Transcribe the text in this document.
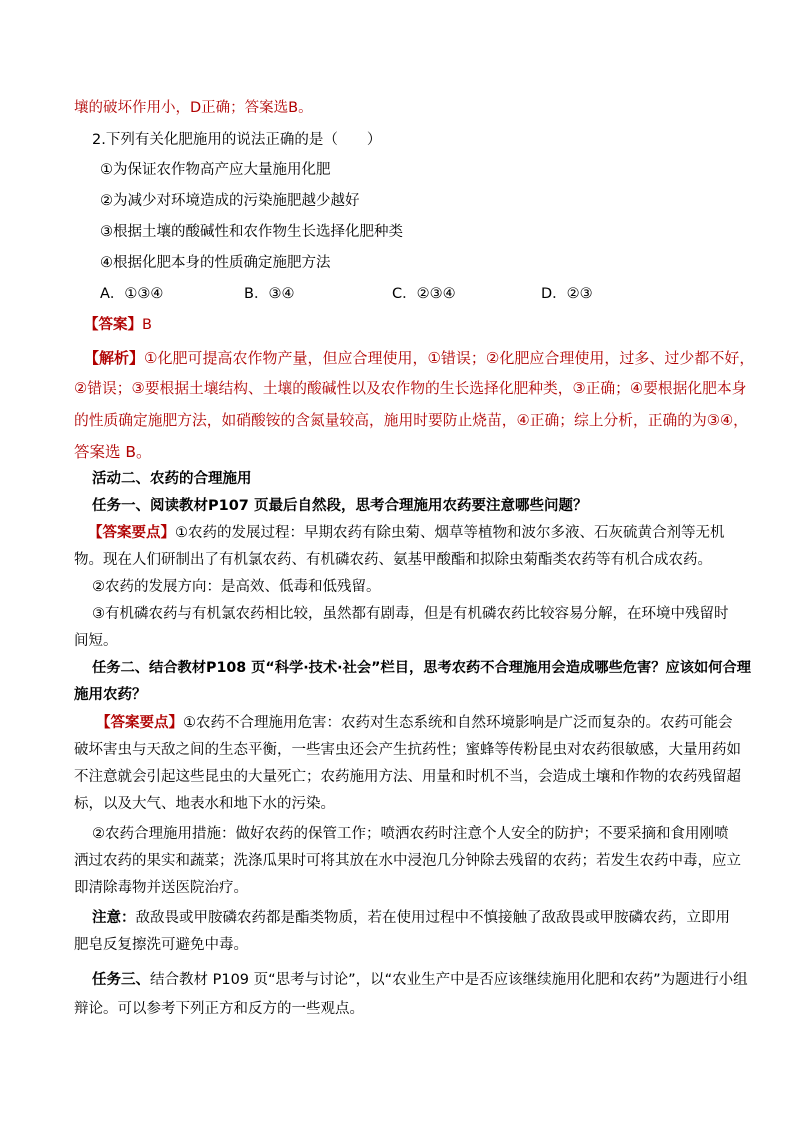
壤的破坏作用小，D正确；答案选B。
2.下列有关化肥施用的说法正确的是（　　）
①为保证农作物高产应大量施用化肥
②为减少对环境造成的污染施肥越少越好
③根据土壤的酸碱性和农作物生长选择化肥种类
④根据化肥本身的性质确定施肥方法
A．①③④	B．③④	C．②③④	D．②③
【答案】B
【解析】①化肥可提高农作物产量，但应合理使用，①错误；②化肥应合理使用，过多、过少都不好，
②错误；③要根据土壤结构、土壤的酸碱性以及农作物的生长选择化肥种类，③正确；④要根据化肥本身
的性质确定施肥方法，如硝酸铵的含氮量较高，施用时要防止烧苗，④正确；综上分析，正确的为③④，
答案选 B。
活动二、农药的合理施用
任务一、阅读教材P107 页最后自然段，思考合理施用农药要注意哪些问题？
【答案要点】①农药的发展过程：早期农药有除虫菊、烟草等植物和波尔多液、石灰硫黄合剂等无机
物。现在人们研制出了有机氯农药、有机磷农药、氨基甲酸酯和拟除虫菊酯类农药等有机合成农药。
②农药的发展方向：是高效、低毒和低残留。
③有机磷农药与有机氯农药相比较，虽然都有剧毒，但是有机磷农药比较容易分解，在环境中残留时
间短。
任务二、结合教材P108 页“科学·技术·社会”栏目，思考农药不合理施用会造成哪些危害？应该如何合理
施用农药？
【答案要点】①农药不合理施用危害：农药对生态系统和自然环境影响是广泛而复杂的。农药可能会
破坏害虫与天敌之间的生态平衡，一些害虫还会产生抗药性；蜜蜂等传粉昆虫对农药很敏感，大量用药如
不注意就会引起这些昆虫的大量死亡；农药施用方法、用量和时机不当，会造成土壤和作物的农药残留超
标，以及大气、地表水和地下水的污染。
②农药合理施用措施：做好农药的保管工作；喷洒农药时注意个人安全的防护；不要采摘和食用刚喷
洒过农药的果实和蔬菜；洗涤瓜果时可将其放在水中浸泡几分钟除去残留的农药；若发生农药中毒，应立
即清除毒物并送医院治疗。
注意：敌敌畏或甲胺磷农药都是酯类物质，若在使用过程中不慎接触了敌敌畏或甲胺磷农药，立即用
肥皂反复擦洗可避免中毒。
任务三、结合教材 P109 页“思考与讨论”，以“农业生产中是否应该继续施用化肥和农药”为题进行小组
辩论。可以参考下列正方和反方的一些观点。
